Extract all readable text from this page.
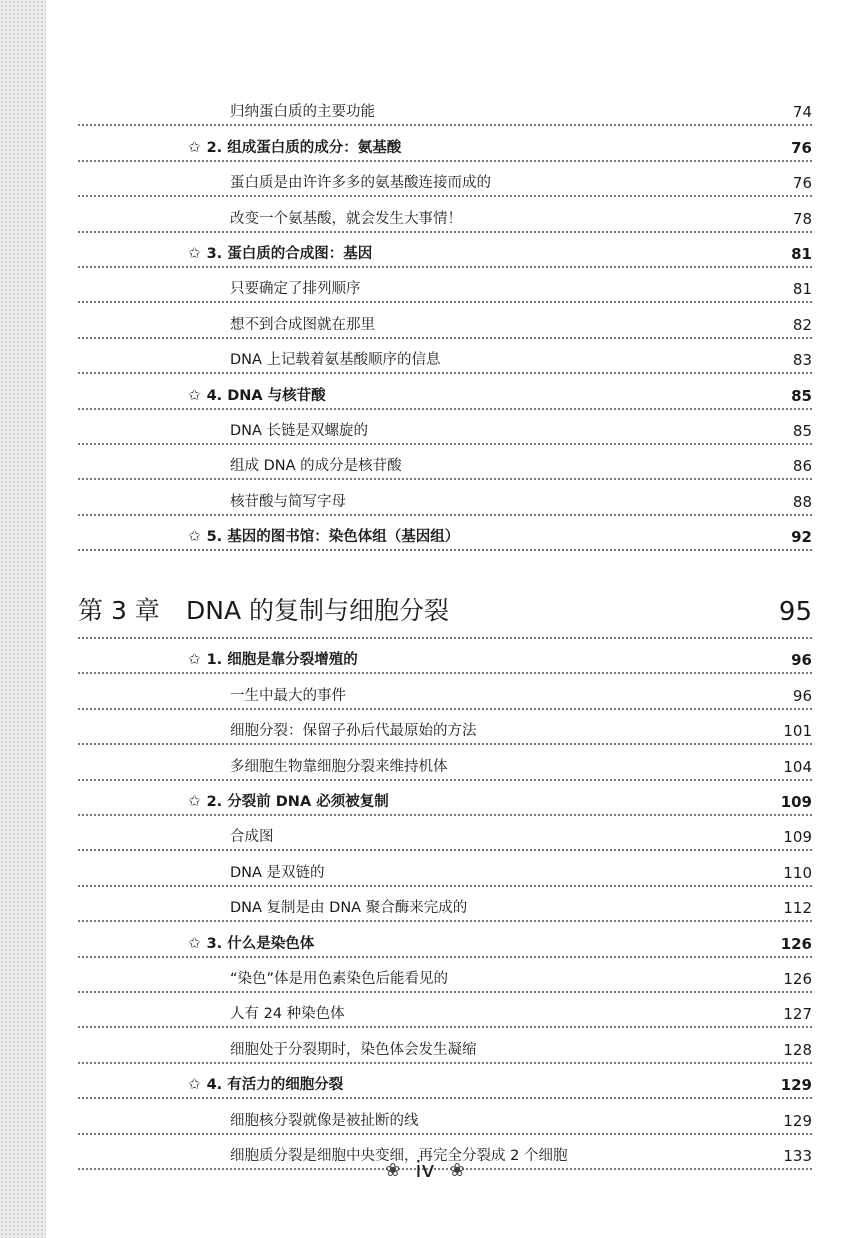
归纳蛋白质的主要功能	74
✩ 2. 组成蛋白质的成分：氨基酸	76
蛋白质是由许许多多的氨基酸连接而成的	76
改变一个氨基酸，就会发生大事情！	78
✩ 3. 蛋白质的合成图：基因	81
只要确定了排列顺序	81
想不到合成图就在那里	82
DNA 上记载着氨基酸顺序的信息	83
✩ 4. DNA 与核苷酸	85
DNA 长链是双螺旋的	85
组成 DNA 的成分是核苷酸	86
核苷酸与简写字母	88
✩ 5. 基因的图书馆：染色体组（基因组）	92
第 3 章 DNA 的复制与细胞分裂	95
✩ 1. 细胞是靠分裂增殖的	96
一生中最大的事件	96
细胞分裂：保留子孙后代最原始的方法	101
多细胞生物靠细胞分裂来维持机体	104
✩ 2. 分裂前 DNA 必须被复制	109
合成图	109
DNA 是双链的	110
DNA 复制是由 DNA 聚合酶来完成的	112
✩ 3. 什么是染色体	126
“染色”体是用色素染色后能看见的	126
人有 24 种染色体	127
细胞处于分裂期时，染色体会发生凝缩	128
✩ 4. 有活力的细胞分裂	129
细胞核分裂就像是被扯断的线	129
细胞质分裂是细胞中央变细，再完全分裂成 2 个细胞	133
❀ iv ❀
